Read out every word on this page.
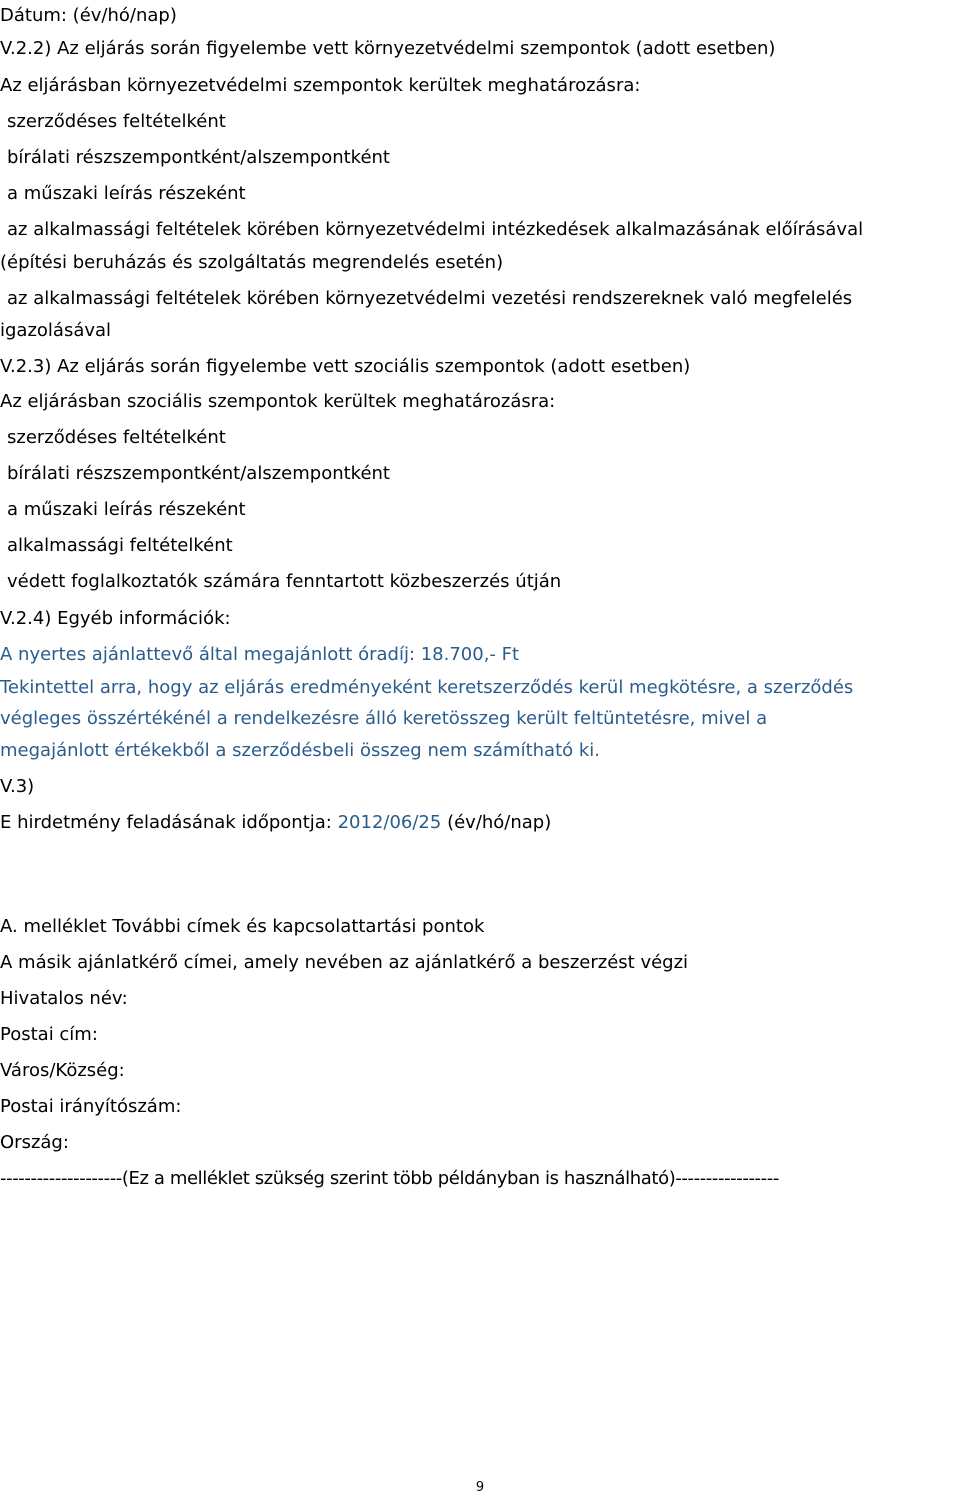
Dátum: (év/hó/nap)
V.2.2) Az eljárás során figyelembe vett környezetvédelmi szempontok (adott esetben)
Az eljárásban környezetvédelmi szempontok kerültek meghatározásra:
szerződéses feltételként
bírálati részszempontként/alszempontként
a műszaki leírás részeként
az alkalmassági feltételek körében környezetvédelmi intézkedések alkalmazásának előírásával
(építési beruházás és szolgáltatás megrendelés esetén)
az alkalmassági feltételek körében környezetvédelmi vezetési rendszereknek való megfelelés
igazolásával
V.2.3) Az eljárás során figyelembe vett szociális szempontok (adott esetben)
Az eljárásban szociális szempontok kerültek meghatározásra:
szerződéses feltételként
bírálati részszempontként/alszempontként
a műszaki leírás részeként
alkalmassági feltételként
védett foglalkoztatók számára fenntartott közbeszerzés útján
V.2.4) Egyéb információk:
A nyertes ajánlattevő által megajánlott óradíj: 18.700,- Ft
Tekintettel arra, hogy az eljárás eredményeként keretszerződés kerül megkötésre, a szerződés
végleges összértékénél a rendelkezésre álló keretösszeg került feltüntetésre, mivel a
megajánlott értékekből a szerződésbeli összeg nem számítható ki.
V.3)
E hirdetmény feladásának időpontja: 2012/06/25 (év/hó/nap)
A. melléklet További címek és kapcsolattartási pontok
A másik ajánlatkérő címei, amely nevében az ajánlatkérő a beszerzést végzi
Hivatalos név:
Postai cím:
Város/Község:
Postai irányítószám:
Ország:
--------------------(Ez a melléklet szükség szerint több példányban is használható)-----------------
9
